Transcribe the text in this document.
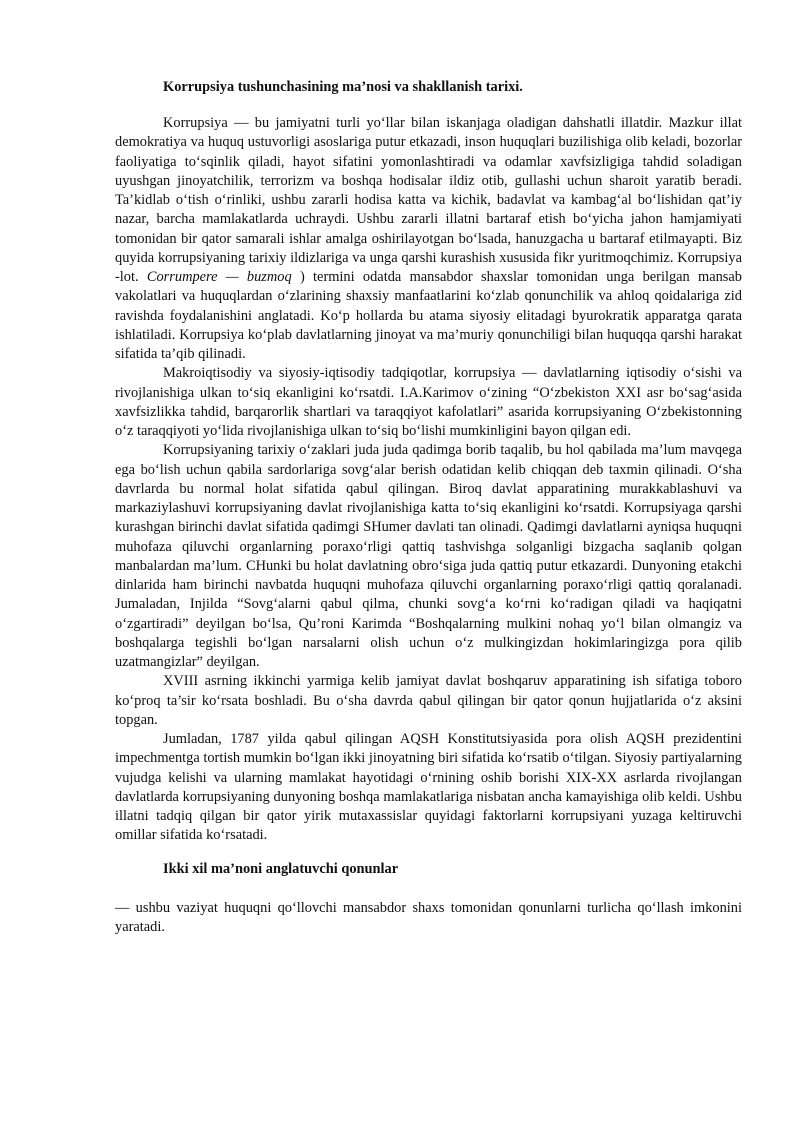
Korrupsiya tushunchasining ma’nosi va shakllanish tarixi.

Korrupsiya — bu jamiyatni turli yo‘llar bilan iskanjaga oladigan dahshatli illatdir. Mazkur illat demokratiya va huquq ustuvorligi asoslariga putur etkazadi, inson huquqlari buzilishiga olib keladi, bozorlar faoliyatiga to‘sqinlik qiladi, hayot sifatini yomonlashtiradi va odamlar xavfsizligiga tahdid soladigan uyushgan jinoyatchilik, terrorizm va boshqa hodisalar ildiz otib, gullashi uchun sharoit yaratib beradi. Ta’kidlab o‘tish o‘rinliki, ushbu zararli hodisa katta va kichik, badavlat va kambag‘al bo‘lishidan qat’iy nazar, barcha mamlakatlarda uchraydi. Ushbu zararli illatni bartaraf etish bo‘yicha jahon hamjamiyati tomonidan bir qator samarali ishlar amalga oshirilayotgan bo‘lsada, hanuzgacha u bartaraf etilmayapti. Biz quyida korrupsiyaning tarixiy ildizlariga va unga qarshi kurashish xususida fikr yuritmoqchimiz. Korrupsiya -lot. Corrumpere — buzmoq ) termini odatda mansabdor shaxslar tomonidan unga berilgan mansab vakolatlari va huquqlardan o‘zlarining shaxsiy manfaatlarini ko‘zlab qonunchilik va ahloq qoidalariga zid ravishda foydalanishini anglatadi. Ko‘p hollarda bu atama siyosiy elitadagi byurokratik apparatga qarata ishlatiladi. Korrupsiya ko‘plab davlatlarning jinoyat va ma’muriy qonunchiligi bilan huquqqa qarshi harakat sifatida ta’qib qilinadi.

Makroiqtisodiy va siyosiy-iqtisodiy tadqiqotlar, korrupsiya — davlatlarning iqtisodiy o‘sishi va rivojlanishiga ulkan to‘siq ekanligini ko‘rsatdi. I.A.Karimov o‘zining “O‘zbekiston XXI asr bo‘sag‘asida xavfsizlikka tahdid, barqarorlik shartlari va taraqqiyot kafolatlari” asarida korrupsiyaning O‘zbekistonning o‘z taraqqiyoti yo‘lida rivojlanishiga ulkan to‘siq bo‘lishi mumkinligini bayon qilgan edi.

Korrupsiyaning tarixiy o‘zaklari juda juda qadimga borib taqalib, bu hol qabilada ma’lum mavqega ega bo‘lish uchun qabila sardorlariga sovg‘alar berish odatidan kelib chiqqan deb taxmin qilinadi. O‘sha davrlarda bu normal holat sifatida qabul qilingan. Biroq davlat apparatining murakkablashuvi va markaziylashuvi korrupsiyaning davlat rivojlanishiga katta to‘siq ekanligini ko‘rsatdi. Korrupsiyaga qarshi kurashgan birinchi davlat sifatida qadimgi SHumer davlati tan olinadi. Qadimgi davlatlarni ayniqsa huquqni muhofaza qiluvchi organlarning poraxo‘rligi qattiq tashvishga solganligi bizgacha saqlanib qolgan manbalardan ma’lum. CHunki bu holat davlatning obro‘siga juda qattiq putur etkazardi. Dunyoning etakchi dinlarida ham birinchi navbatda huquqni muhofaza qiluvchi organlarning poraxo‘rligi qattiq qoralanadi. Jumaladan, Injilda “Sovg‘alarni qabul qilma, chunki sovg‘a ko‘rni ko‘radigan qiladi va haqiqatni o‘zgartiradi” deyilgan bo‘lsa, Qu’roni Karimda “Boshqalarning mulkini nohaq yo‘l bilan olmangiz va boshqalarga tegishli bo‘lgan narsalarni olish uchun o‘z mulkingizdan hokimlaringizga pora qilib uzatmangizlar” deyilgan.

XVIII asrning ikkinchi yarmiga kelib jamiyat davlat boshqaruv apparatining ish sifatiga toboro ko‘proq ta’sir ko‘rsata boshladi. Bu o‘sha davrda qabul qilingan bir qator qonun hujjatlarida o‘z aksini topgan.

Jumladan, 1787 yilda qabul qilingan AQSH Konstitutsiyasida pora olish AQSH prezidentini impechmentga tortish mumkin bo‘lgan ikki jinoyatning biri sifatida ko‘rsatib o‘tilgan. Siyosiy partiyalarning vujudga kelishi va ularning mamlakat hayotidagi o‘rnining oshib borishi XIX-XX asrlarda rivojlangan davlatlarda korrupsiyaning dunyoning boshqa mamlakatlariga nisbatan ancha kamayishiga olib keldi. Ushbu illatni tadqiq qilgan bir qator yirik mutaxassislar quyidagi faktorlarni korrupsiyani yuzaga keltiruvchi omillar sifatida ko‘rsatadi.

Ikki xil ma’noni anglatuvchi qonunlar

— ushbu vaziyat huquqni qo‘llovchi mansabdor shaxs tomonidan qonunlarni turlicha qo‘llash imkonini yaratadi.
